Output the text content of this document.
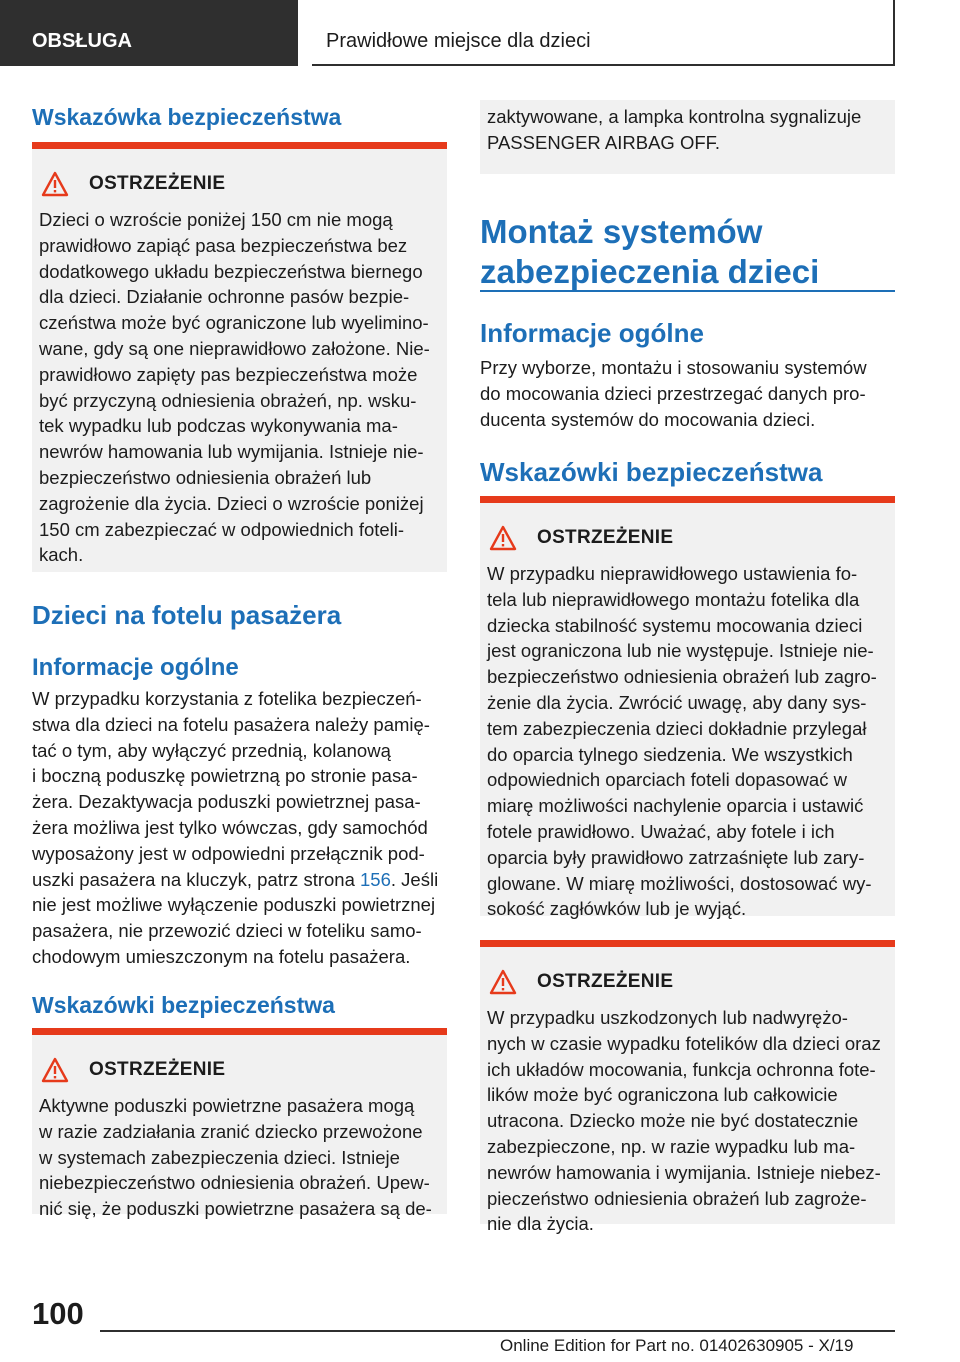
OBSŁUGA	Prawidłowe miejsce dla dzieci
Wskazówka bezpieczeństwa
OSTRZEŻENIE
Dzieci o wzroście poniżej 150 cm nie mogą
prawidłowo zapiąć pasa bezpieczeństwa bez
dodatkowego układu bezpieczeństwa biernego
dla dzieci. Działanie ochronne pasów bezpie-
czeństwa może być ograniczone lub wyelimino-
wane, gdy są one nieprawidłowo założone. Nie-
prawidłowo zapięty pas bezpieczeństwa może
być przyczyną odniesienia obrażeń, np. wsku-
tek wypadku lub podczas wykonywania ma-
newrów hamowania lub wymijania. Istnieje nie-
bezpieczeństwo odniesienia obrażeń lub
zagrożenie dla życia. Dzieci o wzroście poniżej
150 cm zabezpieczać w odpowiednich foteli-
kach.
Dzieci na fotelu pasażera
Informacje ogólne
W przypadku korzystania z fotelika bezpieczeń-
stwa dla dzieci na fotelu pasażera należy pamię-
tać o tym, aby wyłączyć przednią, kolanową
i boczną poduszkę powietrzną po stronie pasa-
żera. Dezaktywacja poduszki powietrznej pasa-
żera możliwa jest tylko wówczas, gdy samochód
wyposażony jest w odpowiedni przełącznik pod-
uszki pasażera na kluczyk, patrz strona 156. Jeśli
nie jest możliwe wyłączenie poduszki powietrznej
pasażera, nie przewozić dzieci w foteliku samo-
chodowym umieszczonym na fotelu pasażera.
Wskazówki bezpieczeństwa
OSTRZEŻENIE
Aktywne poduszki powietrzne pasażera mogą
w razie zadziałania zranić dziecko przewożone
w systemach zabezpieczenia dzieci. Istnieje
niebezpieczeństwo odniesienia obrażeń. Upew-
nić się, że poduszki powietrzne pasażera są de-
zaktywowane, a lampka kontrolna sygnalizuje
PASSENGER AIRBAG OFF.
Montaż systemów
zabezpieczenia dzieci
Informacje ogólne
Przy wyborze, montażu i stosowaniu systemów
do mocowania dzieci przestrzegać danych pro-
ducenta systemów do mocowania dzieci.
Wskazówki bezpieczeństwa
OSTRZEŻENIE
W przypadku nieprawidłowego ustawienia fo-
tela lub nieprawidłowego montażu fotelika dla
dziecka stabilność systemu mocowania dzieci
jest ograniczona lub nie występuje. Istnieje nie-
bezpieczeństwo odniesienia obrażeń lub zagro-
żenie dla życia. Zwrócić uwagę, aby dany sys-
tem zabezpieczenia dzieci dokładnie przylegał
do oparcia tylnego siedzenia. We wszystkich
odpowiednich oparciach foteli dopasować w
miarę możliwości nachylenie oparcia i ustawić
fotele prawidłowo. Uważać, aby fotele i ich
oparcia były prawidłowo zatrzaśnięte lub zary-
glowane. W miarę możliwości, dostosować wy-
sokość zagłówków lub je wyjąć.
OSTRZEŻENIE
W przypadku uszkodzonych lub nadwyrężo-
nych w czasie wypadku fotelików dla dzieci oraz
ich układów mocowania, funkcja ochronna fote-
lików może być ograniczona lub całkowicie
utracona. Dziecko może nie być dostatecznie
zabezpieczone, np. w razie wypadku lub ma-
newrów hamowania i wymijania. Istnieje niebez-
pieczeństwo odniesienia obrażeń lub zagroże-
nie dla życia.
100
Online Edition for Part no. 01402630905 - X/19
